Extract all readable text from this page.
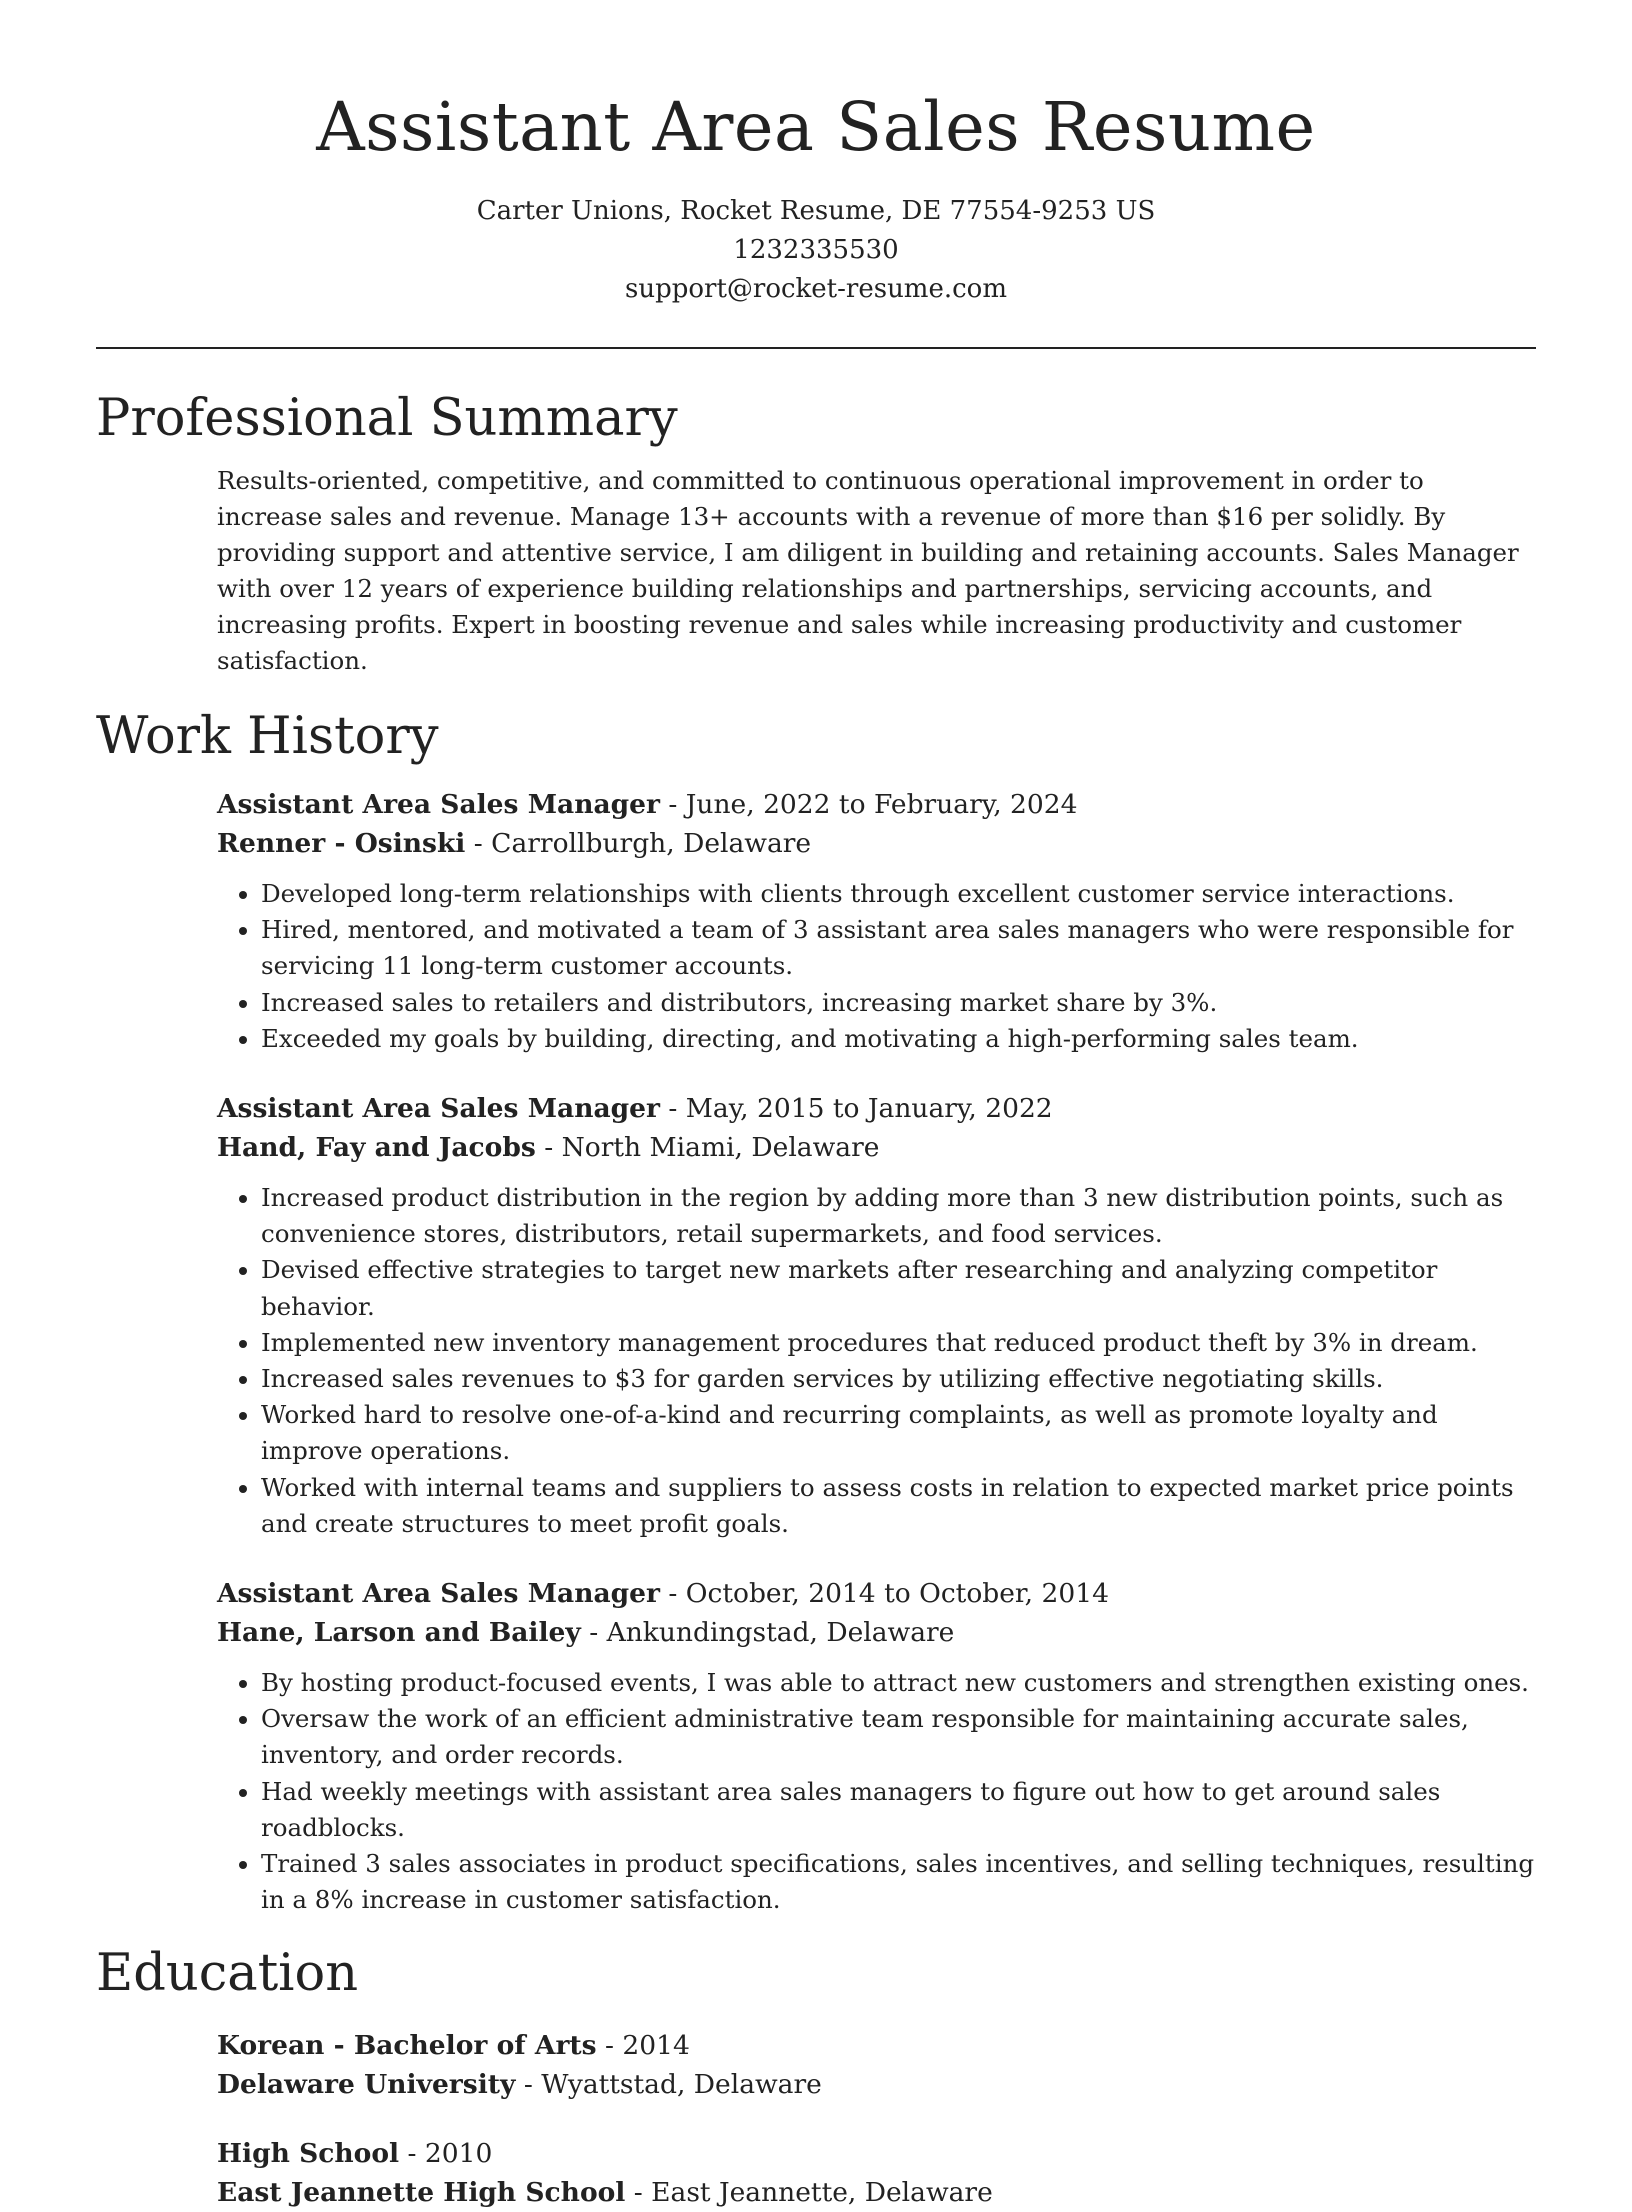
Assistant Area Sales Resume
Carter Unions, Rocket Resume, DE 77554-9253 US
1232335530
support@rocket-resume.com
Professional Summary

Results-oriented, competitive, and committed to continuous operational improvement in order to increase sales and revenue. Manage 13+ accounts with a revenue of more than $16 per solidly. By providing support and attentive service, I am diligent in building and retaining accounts. Sales Manager with over 12 years of experience building relationships and partnerships, servicing accounts, and increasing profits. Expert in boosting revenue and sales while increasing productivity and customer satisfaction.

Work History
Assistant Area Sales Manager - June, 2022 to February, 2024
Renner - Osinski - Carrollburgh, Delaware
• Developed long-term relationships with clients through excellent customer service interactions.
• Hired, mentored, and motivated a team of 3 assistant area sales managers who were responsible for servicing 11 long-term customer accounts.
• Increased sales to retailers and distributors, increasing market share by 3%.
• Exceeded my goals by building, directing, and motivating a high-performing sales team.
Assistant Area Sales Manager - May, 2015 to January, 2022
Hand, Fay and Jacobs - North Miami, Delaware
• Increased product distribution in the region by adding more than 3 new distribution points, such as convenience stores, distributors, retail supermarkets, and food services.
• Devised effective strategies to target new markets after researching and analyzing competitor behavior.
• Implemented new inventory management procedures that reduced product theft by 3% in dream.
• Increased sales revenues to $3 for garden services by utilizing effective negotiating skills.
• Worked hard to resolve one-of-a-kind and recurring complaints, as well as promote loyalty and improve operations.
• Worked with internal teams and suppliers to assess costs in relation to expected market price points and create structures to meet profit goals.
Assistant Area Sales Manager - October, 2014 to October, 2014
Hane, Larson and Bailey - Ankundingstad, Delaware
• By hosting product-focused events, I was able to attract new customers and strengthen existing ones.
• Oversaw the work of an efficient administrative team responsible for maintaining accurate sales, inventory, and order records.
• Had weekly meetings with assistant area sales managers to figure out how to get around sales roadblocks.
• Trained 3 sales associates in product specifications, sales incentives, and selling techniques, resulting in a 8% increase in customer satisfaction.
Education
Korean - Bachelor of Arts - 2014
Delaware University - Wyattstad, Delaware
High School - 2010
East Jeannette High School - East Jeannette, Delaware
